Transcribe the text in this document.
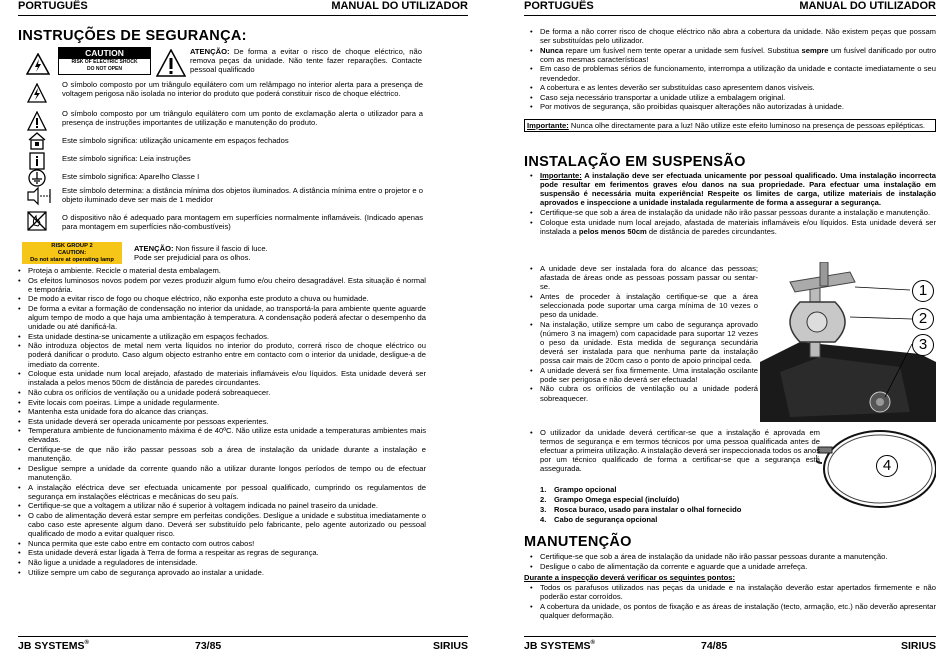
PORTUGUÊS	MANUAL DO UTILIZADOR
INSTRUÇÕES DE SEGURANÇA:
CAUTION
RISK OF ELECTRIC SHOCK
DO NOT OPEN
ATENÇÃO: De forma a evitar o risco de choque eléctrico, não remova peças da unidade. Não tente fazer reparações. Contacte pessoal qualificado
O símbolo composto por um triângulo equilátero com um relâmpago no interior alerta para a presença de voltagem perigosa não isolada no interior do produto que poderá constituir risco de choque eléctrico.
O símbolo composto por um triângulo equilátero com um ponto de exclamação alerta o utilizador para a presença de instruções importantes de utilização e manutenção do produto.
Este símbolo significa: utilização unicamente em espaços fechados
Este símbolo significa: Leia instruções
Este símbolo significa: Aparelho Classe I
Este símbolo determina: a distância mínima dos objetos iluminados. A distância mínima entre o projetor e o objeto iluminado deve ser mais de 1 medidor
O dispositivo não é adequado para montagem em superfícies normalmente inflamáveis. (Indicado apenas para montagem em superfícies não-combustíveis)
RISK GROUP 2
CAUTION:
Do not stare at operating lamp
ATENÇÃO: Non fissure il fascio di luce.
Pode ser prejudicial para os olhos.
• Proteja o ambiente. Recicle o material desta embalagem.
• Os efeitos luminosos novos podem por vezes produzir algum fumo e/ou cheiro desagradável. Esta situação é normal e temporária.
• De modo a evitar risco de fogo ou choque eléctrico, não exponha este produto a chuva ou humidade.
• De forma a evitar a formação de condensação no interior da unidade, ao transportá-la para ambiente quente aguarde algum tempo de modo a que haja uma ambientação à temperatura. A condensação poderá afectar o desempenho da unidade ou até danificá-la.
• Esta unidade destina-se unicamente a utilização em espaços fechados.
• Não introduza objectos de metal nem verta líquidos no interior do produto, correrá risco de choque eléctrico ou poderá danificar o produto. Caso algum objecto estranho entre em contacto com o interior da unidade, desligue-a de imediato da corrente.
• Coloque esta unidade num local arejado, afastado de materiais inflamáveis e/ou líquidos. Esta unidade deverá ser instalada a pelos menos 50cm de distância de paredes circundantes.
• Não cubra os orifícios de ventilação ou a unidade poderá sobreaquecer.
• Evite locais com poeiras. Limpe a unidade regularmente.
• Mantenha esta unidade fora do alcance das crianças.
• Esta unidade deverá ser operada unicamente por pessoas experientes.
• Temperatura ambiente de funcionamento máxima é de 40ºC. Não utilize esta unidade a temperaturas ambientes mais elevadas.
• Certifique-se de que não irão passar pessoas sob a área de instalação da unidade durante a instalação e manutenção.
• Desligue sempre a unidade da corrente quando não a utilizar durante longos períodos de tempo ou de efectuar manutenção.
• A instalação eléctrica deve ser efectuada unicamente por pessoal qualificado, cumprindo os regulamentos de segurança em instalações eléctricas e mecânicas do seu país.
• Certifique-se que a voltagem a utilizar não é superior à voltagem indicada no painel traseiro da unidade.
• O cabo de alimentação deverá estar sempre em perfeitas condições. Desligue a unidade e substitua imediatamente o cabo caso este apresente algum dano. Deverá ser substituído pelo fabricante, pelo agente autorizado ou pessoal qualificado de modo a evitar qualquer risco.
• Nunca permita que este cabo entre em contacto com outros cabos!
• Esta unidade deverá estar ligada à Terra de forma a respeitar as regras de segurança.
• Não ligue a unidade a reguladores de intensidade.
• Utilize sempre um cabo de segurança aprovado ao instalar a unidade.
JB SYSTEMS®	73/85	SIRIUS
PORTUGUÊS	MANUAL DO UTILIZADOR
• De forma a não correr risco de choque eléctrico não abra a cobertura da unidade. Não existem peças que possam ser substituídas pelo utilizador.
• Nunca repare um fusível nem tente operar a unidade sem fusível. Substitua sempre um fusível danificado por outro com as mesmas características!
• Em caso de problemas sérios de funcionamento, interrompa a utilização da unidade e contacte imediatamente o seu revendedor.
• A cobertura e as lentes deverão ser substituídas caso apresentem danos visíveis.
• Caso seja necessário transportar a unidade utilize a embalagem original.
• Por motivos de segurança, são proibidas quaisquer alterações não autorizadas à unidade.
Importante: Nunca olhe directamente para a luz! Não utilize este efeito luminoso na presença de pessoas epilépticas.
INSTALAÇÃO EM SUSPENSÃO
• Importante: A instalação deve ser efectuada unicamente por pessoal qualificado. Uma instalação incorrecta pode resultar em ferimentos graves e/ou danos na sua propriedade. Para efectuar uma instalação em suspensão é necessária muita experiência! Respeite os limites de carga, utilize materiais de instalação aprovados e inspeccione a unidade instalada regularmente de forma a assegurar a segurança.
• Certifique-se que sob a área de instalação da unidade não irão passar pessoas durante a instalação e manutenção.
• Coloque esta unidade num local arejado, afastada de materiais inflamáveis e/ou líquidos. Esta unidade deverá ser instalada a pelos menos 50cm de distância de paredes circundantes.
• A unidade deve ser instalada fora do alcance das pessoas; afastada de áreas onde as pessoas possam passar ou sentar-se.
• Antes de proceder à instalação certifique-se que a área seleccionada pode suportar uma carga mínima de 10 vezes o peso da unidade.
• Na instalação, utilize sempre um cabo de segurança aprovado (número 3 na imagem) com capacidade para suportar 12 vezes o peso da unidade. Esta medida de segurança secundária deverá ser instalada para que nenhuma parte da instalação possa cair mais de 20cm caso o ponto de apoio principal ceda.
• A unidade deverá ser fixa firmemente. Uma instalação oscilante pode ser perigosa e não deverá ser efectuada!
• Não cubra os orifícios de ventilação ou a unidade poderá sobreaquecer.
1
2
3
4
• O utilizador da unidade deverá certificar-se que a instalação é aprovada em termos de segurança e em termos técnicos por uma pessoa qualificada antes de efectuar a primeira utilização. A instalação deverá ser inspeccionada todos os anos por um técnico qualificado de forma a certificar-se que a segurança está assegurada.
1. Grampo opcional
2. Grampo Omega especial (incluído)
3. Rosca buraco, usado para instalar o olhal fornecido
4. Cabo de segurança opcional
MANUTENÇÃO
• Certifique-se que sob a área de instalação da unidade não irão passar pessoas durante a manutenção.
• Desligue o cabo de alimentação da corrente e aguarde que a unidade arrefeça.
Durante a inspecção deverá verificar os seguintes pontos:
• Todos os parafusos utilizados nas peças da unidade e na instalação deverão estar apertados firmemente e não poderão estar corroídos.
• A cobertura da unidade, os pontos de fixação e as áreas de instalação (tecto, armação, etc.) não deverão apresentar qualquer deformação.
JB SYSTEMS®	74/85	SIRIUS
